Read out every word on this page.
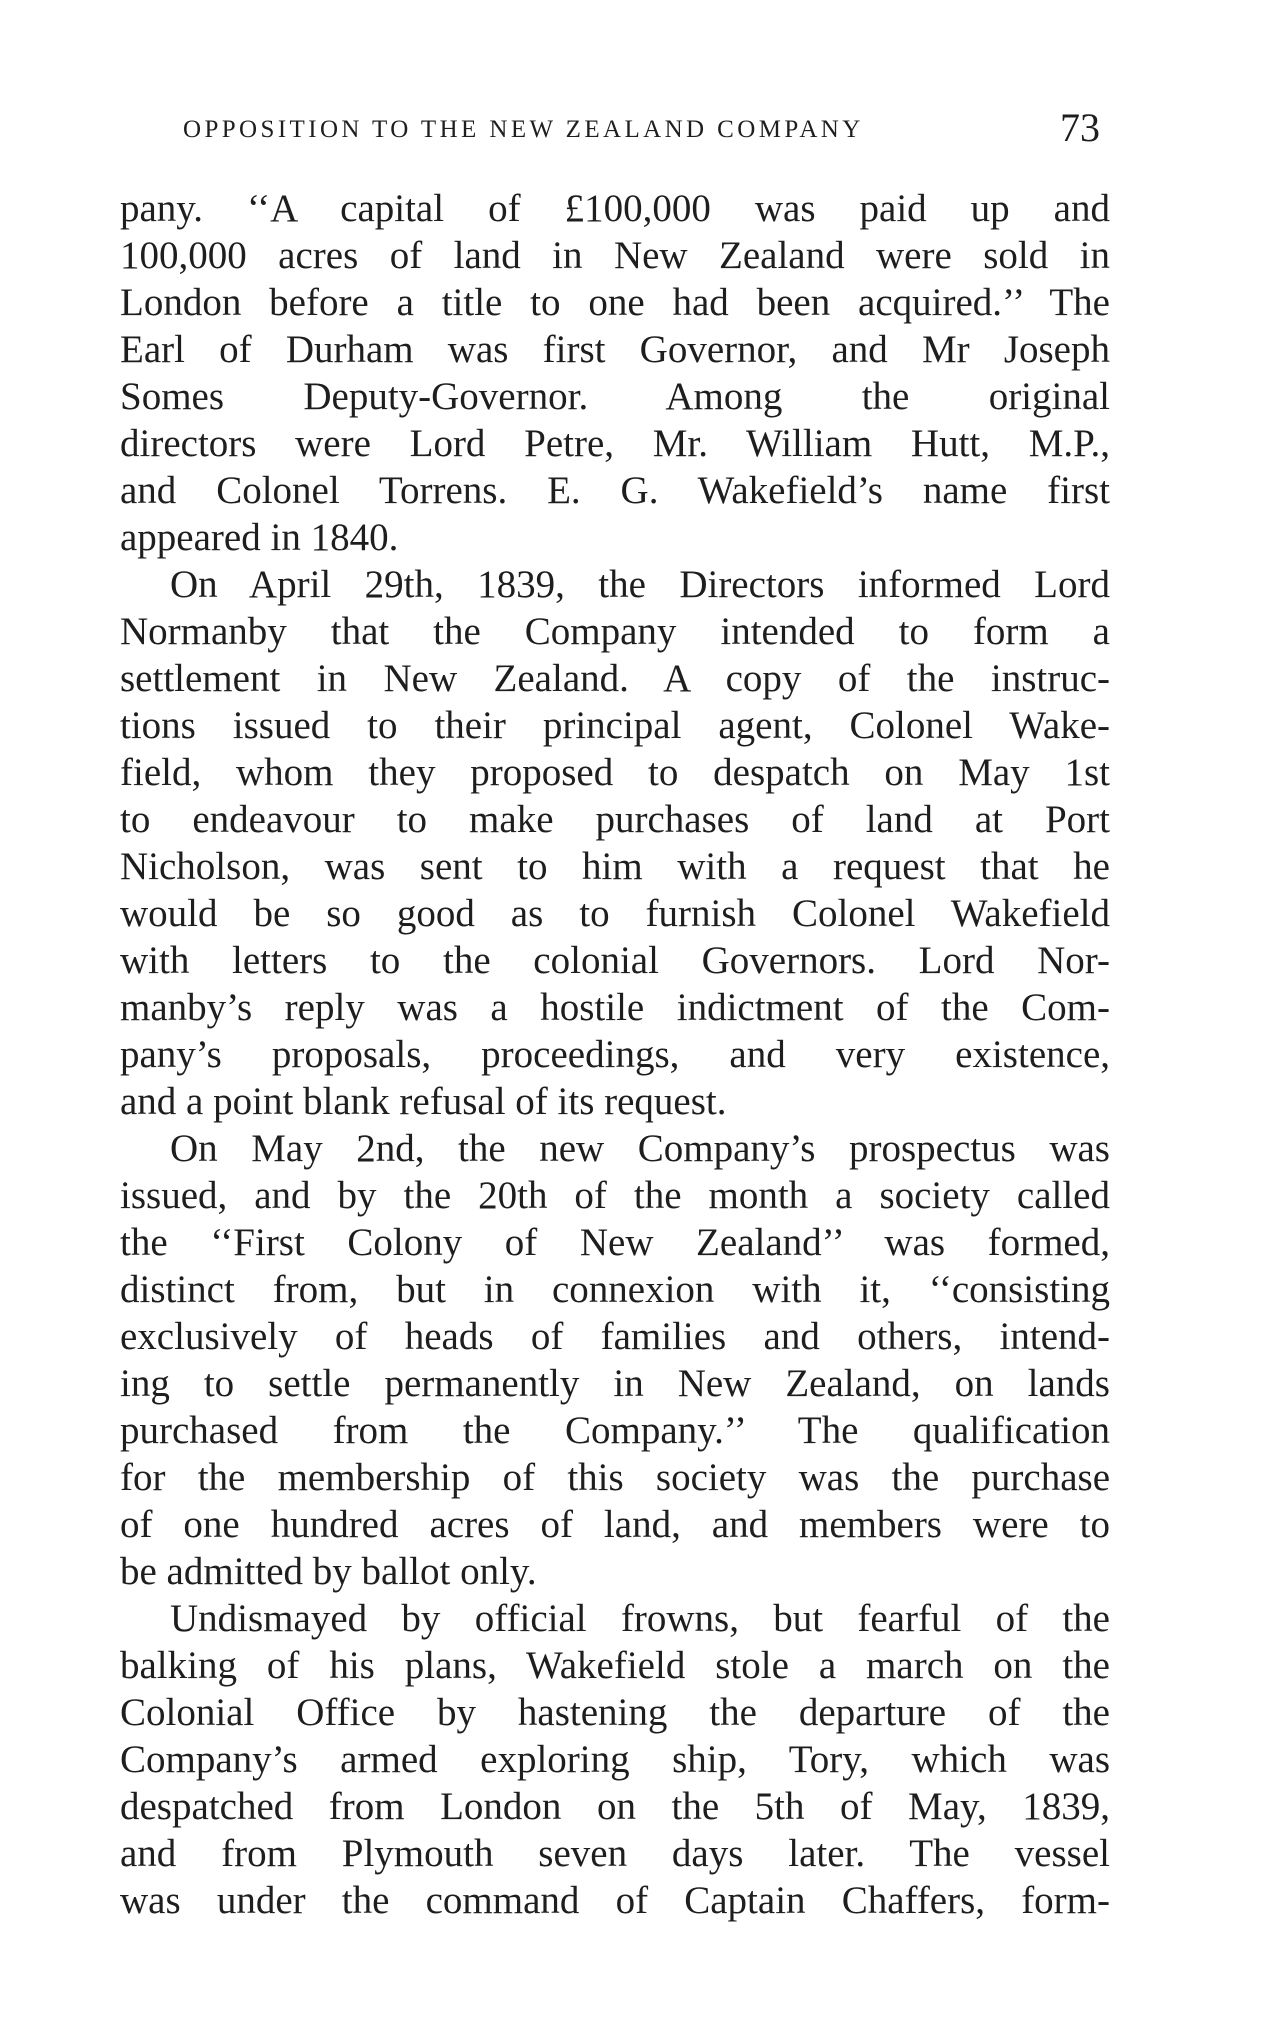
OPPOSITION TO THE NEW ZEALAND COMPANY	73
pany. ‘‘A capital of £100,000 was paid up and
100,000 acres of land in New Zealand were sold in
London before a title to one had been acquired.’’ The
Earl of Durham was first Governor, and Mr Joseph
Somes Deputy-Governor. Among the original
directors were Lord Petre, Mr. William Hutt, M.P.,
and Colonel Torrens. E. G. Wakefield’s name first
appeared in 1840.
On April 29th, 1839, the Directors informed Lord
Normanby that the Company intended to form a
settlement in New Zealand. A copy of the instruc-
tions issued to their principal agent, Colonel Wake-
field, whom they proposed to despatch on May 1st
to endeavour to make purchases of land at Port
Nicholson, was sent to him with a request that he
would be so good as to furnish Colonel Wakefield
with letters to the colonial Governors. Lord Nor-
manby’s reply was a hostile indictment of the Com-
pany’s proposals, proceedings, and very existence,
and a point blank refusal of its request.
On May 2nd, the new Company’s prospectus was
issued, and by the 20th of the month a society called
the ‘‘First Colony of New Zealand’’ was formed,
distinct from, but in connexion with it, ‘‘consisting
exclusively of heads of families and others, intend-
ing to settle permanently in New Zealand, on lands
purchased from the Company.’’ The qualification
for the membership of this society was the purchase
of one hundred acres of land, and members were to
be admitted by ballot only.
Undismayed by official frowns, but fearful of the
balking of his plans, Wakefield stole a march on the
Colonial Office by hastening the departure of the
Company’s armed exploring ship, Tory, which was
despatched from London on the 5th of May, 1839,
and from Plymouth seven days later. The vessel
was under the command of Captain Chaffers, form-
